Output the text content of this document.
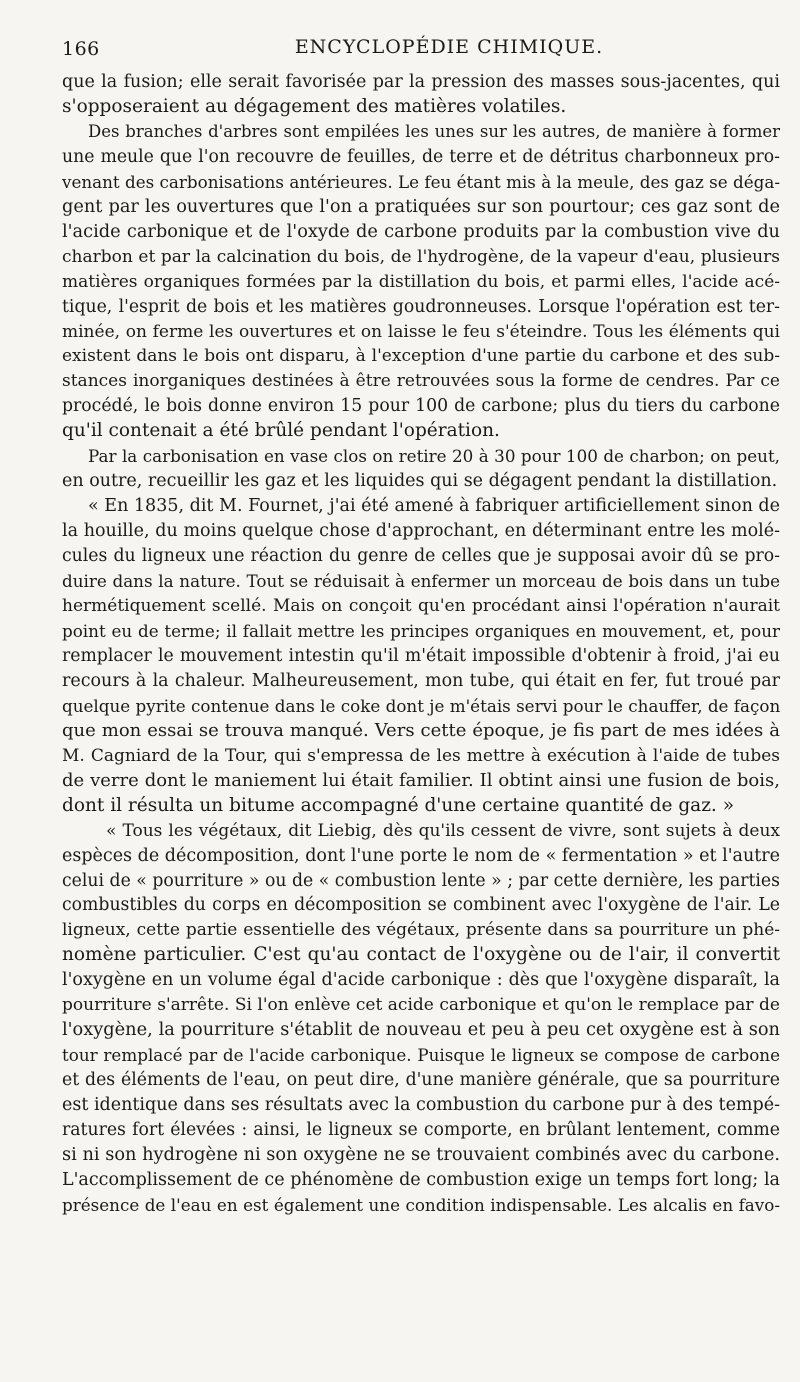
166	ENCYCLOPÉDIE CHIMIQUE.
que la fusion; elle serait favorisée par la pression des masses sous-jacentes, qui
s'opposeraient au dégagement des matières volatiles.
Des branches d'arbres sont empilées les unes sur les autres, de manière à former
une meule que l'on recouvre de feuilles, de terre et de détritus charbonneux pro-
venant des carbonisations antérieures. Le feu étant mis à la meule, des gaz se déga-
gent par les ouvertures que l'on a pratiquées sur son pourtour; ces gaz sont de
l'acide carbonique et de l'oxyde de carbone produits par la combustion vive du
charbon et par la calcination du bois, de l'hydrogène, de la vapeur d'eau, plusieurs
matières organiques formées par la distillation du bois, et parmi elles, l'acide acé-
tique, l'esprit de bois et les matières goudronneuses. Lorsque l'opération est ter-
minée, on ferme les ouvertures et on laisse le feu s'éteindre. Tous les éléments qui
existent dans le bois ont disparu, à l'exception d'une partie du carbone et des sub-
stances inorganiques destinées à être retrouvées sous la forme de cendres. Par ce
procédé, le bois donne environ 15 pour 100 de carbone; plus du tiers du carbone
qu'il contenait a été brûlé pendant l'opération.
Par la carbonisation en vase clos on retire 20 à 30 pour 100 de charbon; on peut,
en outre, recueillir les gaz et les liquides qui se dégagent pendant la distillation.
« En 1835, dit M. Fournet, j'ai été amené à fabriquer artificiellement sinon de
la houille, du moins quelque chose d'approchant, en déterminant entre les molé-
cules du ligneux une réaction du genre de celles que je supposai avoir dû se pro-
duire dans la nature. Tout se réduisait à enfermer un morceau de bois dans un tube
hermétiquement scellé. Mais on conçoit qu'en procédant ainsi l'opération n'aurait
point eu de terme; il fallait mettre les principes organiques en mouvement, et, pour
remplacer le mouvement intestin qu'il m'était impossible d'obtenir à froid, j'ai eu
recours à la chaleur. Malheureusement, mon tube, qui était en fer, fut troué par
quelque pyrite contenue dans le coke dont je m'étais servi pour le chauffer, de façon
que mon essai se trouva manqué. Vers cette époque, je fis part de mes idées à
M. Cagniard de la Tour, qui s'empressa de les mettre à exécution à l'aide de tubes
de verre dont le maniement lui était familier. Il obtint ainsi une fusion de bois,
dont il résulta un bitume accompagné d'une certaine quantité de gaz. »
« Tous les végétaux, dit Liebig, dès qu'ils cessent de vivre, sont sujets à deux
espèces de décomposition, dont l'une porte le nom de « fermentation » et l'autre
celui de « pourriture » ou de « combustion lente » ; par cette dernière, les parties
combustibles du corps en décomposition se combinent avec l'oxygène de l'air. Le
ligneux, cette partie essentielle des végétaux, présente dans sa pourriture un phé-
nomène particulier. C'est qu'au contact de l'oxygène ou de l'air, il convertit
l'oxygène en un volume égal d'acide carbonique : dès que l'oxygène disparaît, la
pourriture s'arrête. Si l'on enlève cet acide carbonique et qu'on le remplace par de
l'oxygène, la pourriture s'établit de nouveau et peu à peu cet oxygène est à son
tour remplacé par de l'acide carbonique. Puisque le ligneux se compose de carbone
et des éléments de l'eau, on peut dire, d'une manière générale, que sa pourriture
est identique dans ses résultats avec la combustion du carbone pur à des tempé-
ratures fort élevées : ainsi, le ligneux se comporte, en brûlant lentement, comme
si ni son hydrogène ni son oxygène ne se trouvaient combinés avec du carbone.
L'accomplissement de ce phénomène de combustion exige un temps fort long; la
présence de l'eau en est également une condition indispensable. Les alcalis en favo-
